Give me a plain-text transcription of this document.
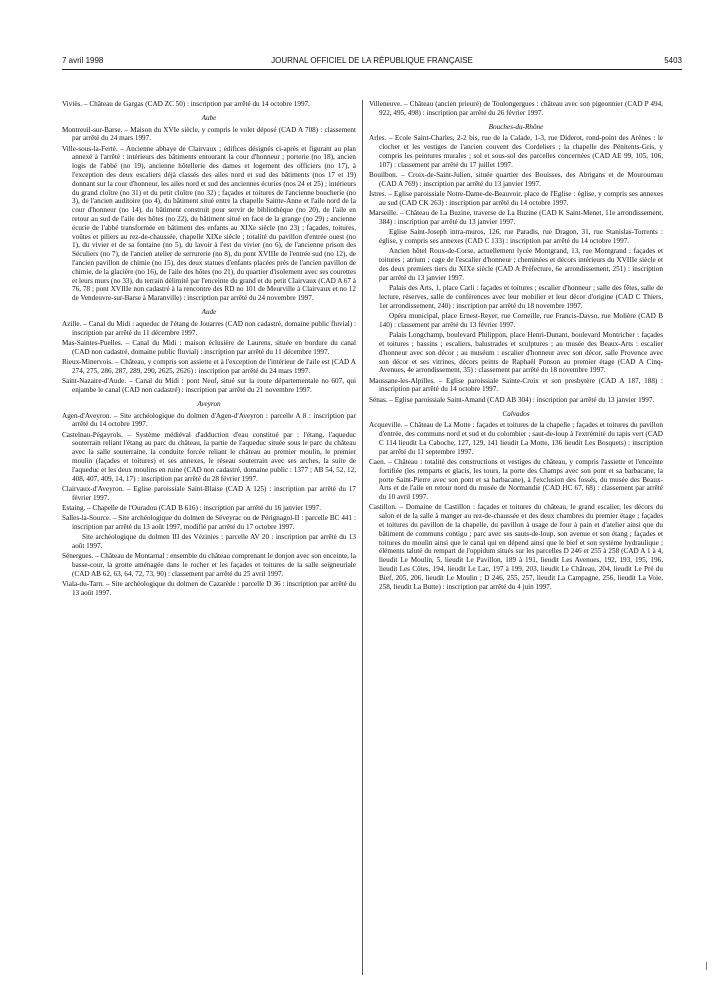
7 avril 1998	JOURNAL OFFICIEL DE LA RÉPUBLIQUE FRANÇAISE	5403

Viviès. – Château de Gargas (CAD ZC 50) : inscription par arrêté du 14 octobre 1997.

Aube

Montreuil-sur-Barse. – Maison du XVIe siècle, y compris le volet déposé (CAD A 708) : classement par arrêté du 24 mars 1997.

Ville-sous-la-Ferté. – Ancienne abbaye de Clairvaux ; édifices désignés ci-après et figurant au plan annexé à l'arrêté : intérieurs des bâtiments entourant la cour d'honneur ; porterie (no 18), ancien logis de l'abbé (no 19), ancienne hôtellerie des dames et logement des officiers (no 17), à l'exception des deux escaliers déjà classés des ailes nord et sud des bâtiments (nos 17 et 19) donnant sur la cour d'honneur, les ailes nord et sud des anciennes écuries (nos 24 et 25) ; intérieurs du grand cloître (no 31) et du petit cloître (no 32) ; façades et toitures de l'ancienne boucherie (no 3), de l'ancien auditoire (no 4), du bâtiment situé entre la chapelle Sainte-Anne et l'aile nord de la cour d'honneur (no 14), du bâtiment construit pour servir de bibliothèque (no 20), de l'aile en retour au sud de l'aile des hôtes (no 22), du bâtiment situé en face de la grange (no 29) ; ancienne écurie de l'abbé transformée en bâtiment des enfants au XIXe siècle (no 23) ; façades, toitures, voûtes et piliers au rez-de-chaussée, chapelle XIXe siècle ; totalité du pavillon d'entrée ouest (no 1), du vivier et de sa fontaine (no 5), du lavoir à l'est du vivier (no 6), de l'ancienne prison des Séculiers (no 7), de l'ancien atelier de serrurerie (no 8), du pont XVIIIe de l'entrée sud (no 12), de l'ancien pavillon de chimie (no 15), des deux statues d'enfants placées près de l'ancien pavillon de chimie, de la glacière (no 16), de l'aile des hôtes (no 21), du quartier d'isolement avec ses courettes et leurs murs (no 33), du terrain délimité par l'enceinte du grand et du petit Clairvaux (CAD A 67 à 76, 78 ; pont XVIIIe non cadastré à la rencontre des RD no 101 de Meurville à Clairvaux et no 12 de Vendeuvre-sur-Barse à Maranville) : inscription par arrêté du 24 novembre 1997.

Aude

Azille. – Canal du Midi : aqueduc de l'étang de Jouarres (CAD non cadastré, domaine public fluvial) : inscription par arrêté du 11 décembre 1997.

Mas-Saintes-Puelles. – Canal du Midi : maison éclusière de Laurens, située en bordure du canal (CAD non cadastré, domaine public fluvial) : inscription par arrêté du 11 décembre 1997.

Rieux-Minervois. – Château, y compris son assiette et à l'exception de l'intérieur de l'aile est (CAD A 274, 275, 286, 287, 289, 290, 2625, 2626) : inscription par arrêté du 24 mars 1997.

Saint-Nazaire-d'Aude. – Canal du Midi : pont Neuf, situé sur la route départementale no 607, qui enjambe le canal (CAD non cadastré) : inscription par arrêté du 21 novembre 1997.

Aveyron

Agen-d'Aveyron. – Site archéologique du dolmen d'Agen-d'Aveyron : parcelle A 8 : inscription par arrêté du 14 octobre 1997.

Castelnau-Pégayrols. – Système médiéval d'adduction d'eau constitué par : l'étang, l'aqueduc souterrain reliant l'étang au parc du château, la partie de l'aqueduc située sous le parc du château avec la salle souterraine, la conduite forcée reliant le château au premier moulin, le premier moulin (façades et toitures) et ses annexes, le réseau souterrain avec ses arches, la suite de l'aqueduc et les deux moulins en ruine (CAD non cadastré, domaine public : 1377 ; AB 54, 52, 12, 408, 407, 409, 14, 17) : inscription par arrêté du 28 février 1997.

Clairvaux-d'Aveyron. – Eglise paroissiale Saint-Blaise (CAD A 125) : inscription par arrêté du 17 février 1997.

Estaing. – Chapelle de l'Ouradou (CAD B 616) : inscription par arrêté du 16 janvier 1997.

Salles-la-Source. – Site archéologique du dolmen de Séveyrac ou de Pérignagol-II : parcelle BC 441 : inscription par arrêté du 13 août 1997, modifié par arrêté du 17 octobre 1997.

Site archéologique du dolmen III des Vézinies : parcelle AV 20 : inscription par arrêté du 13 août 1997.

Sénergues. – Château de Montarnal : ensemble du château comprenant le donjon avec son enceinte, la basse-cour, la grotte aménagée dans le rocher et les façades et toitures de la salle seigneuriale (CAD AB 62, 63, 64, 72, 73, 90) : classement par arrêté du 25 avril 1997.

Viala-du-Tarn. – Site archéologique du dolmen de Cazarède : parcelle D 36 : inscription par arrêté du 13 août 1997.

Villeneuve. – Château (ancien prieuré) de Toulongergues : château avec son pigeonnier (CAD P 494, 922, 495, 498) : inscription par arrêté du 26 février 1997.

Bouches-du-Rhône

Arles. – Ecole Saint-Charles, 2-2 bis, rue de la Calade, 1-3, rue Diderot, rond-point des Arènes : le clocher et les vestiges de l'ancien couvent des Cordeliers ; la chapelle des Pénitents-Gris, y compris les peintures murales ; sol et sous-sol des parcelles concernées (CAD AE 99, 105, 106, 107) : classement par arrêté du 17 juillet 1997.

Bouilbon. – Croix-de-Saint-Julien, située quartier des Bouisses, des Abrigans et de Mouroumau (CAD A 769) : inscription par arrêté du 13 janvier 1997.

Istres. – Eglise paroissiale Notre-Dame-de-Beauvoir, place de l'Eglise : église, y compris ses annexes au sud (CAD CK 263) : inscription par arrêté du 14 octobre 1997.

Marseille. – Château de La Buzine, traverse de La Buzine (CAD K Saint-Menet, 11e arrondissement, 384) : inscription par arrêté du 13 janvier 1997.

Eglise Saint-Joseph intra-muros, 126, rue Paradis, rue Dragon, 31, rue Stanislas-Torrents : église, y compris ses annexes (CAD C 133) : inscription par arrêté du 14 octobre 1997.

Ancien hôtel Roux-de-Corse, actuellement lycée Montgrand, 13, rue Montgrand : façades et toitures ; atrium ; cage de l'escalier d'honneur ; cheminées et décors intérieurs du XVIIIe siècle et des deux premiers tiers du XIXe siècle (CAD A Préfecture, 6e arrondissement, 251) : inscription par arrêté du 13 janvier 1997.

Palais des Arts, 1, place Carli : façades et toitures ; escalier d'honneur ; salle des fêtes, salle de lecture, réserves, salle de conférences avec leur mobilier et leur décor d'origine (CAD C Thiers, 1er arrondissement, 240) : inscription par arrêté du 18 novembre 1997.

Opéra municipal, place Ernest-Reyer, rue Corneille, rue Francis-Davso, rue Molière (CAD B 140) : classement par arrêté du 13 février 1997.

Palais Longchamp, boulevard Philippon, place Henri-Dunant, boulevard Montricher : façades et toitures ; bassins ; escaliers, balustrades et sculptures ; au musée des Beaux-Arts : escalier d'honneur avec son décor ; au muséum : escalier d'honneur avec son décor, salle Provence avec son décor et ses vitrines, décors peints de Raphaël Ponson au premier étage (CAD A Cinq-Avenues, 4e arrondissement, 35) : classement par arrêté du 18 novembre 1997.

Maussane-les-Alpilles. – Eglise paroissiale Sainte-Croix et son presbytère (CAD A 187, 188) : inscription par arrêté du 14 octobre 1997.

Sénas. – Eglise paroissiale Saint-Amand (CAD AB 304) : inscription par arrêté du 13 janvier 1997.

Calvados

Acqueville. – Château de La Motte : façades et toitures de la chapelle ; façades et toitures du pavillon d'entrée, des communs nord et sud et du colombier ; saut-de-loup à l'extrémité du tapis vert (CAD C 114 lieudit La Caboche, 127, 129, 141 lieudit La Motte, 136 lieudit Les Bosquets) : inscription par arrêté du 11 septembre 1997.

Caen. – Château : totalité des constructions et vestiges du château, y compris l'assiette et l'enceinte fortifiée (les remparts et glacis, les tours, la porte des Champs avec son pont et sa barbacane, la porte Saint-Pierre avec son pont et sa barbacane), à l'exclusion des fossés, du musée des Beaux-Arts et de l'aile en retour nord du musée de Normandie (CAD HC 67, 68) : classement par arrêté du 10 avril 1997.

Castillon. – Domaine de Castillon : façades et toitures du château, le grand escalier, les décors du salon et de la salle à manger au rez-de-chaussée et des deux chambres du premier étage ; façades et toitures du pavillon de la chapelle, du pavillon à usage de four à pain et d'atelier ainsi que du bâtiment de communs contigu ; parc avec ses sauts-de-loup, son avenue et son étang ; façades et toitures du moulin ainsi que le canal qui en dépend ainsi que le bief et son système hydraulique ; éléments taluté du rempart de l'oppidum situés sur les parcelles D 246 et 255 à 258 (CAD A 1 à 4, lieudit Le Moulin, 5, lieudit Le Pavillon, 189 à 191, lieudit Les Avenues, 192, 193, 195, 196, lieudit Les Côtes, 194, lieudit Le Lac, 197 à 199, 203, lieudit Le Château, 204, lieudit Le Pré du Bief, 205, 206, lieudit Le Moulin ; D 246, 255, 257, lieudit La Campagne, 256, lieudit La Voie, 258, lieudit La Butte) : inscription par arrêté du 4 juin 1997.
